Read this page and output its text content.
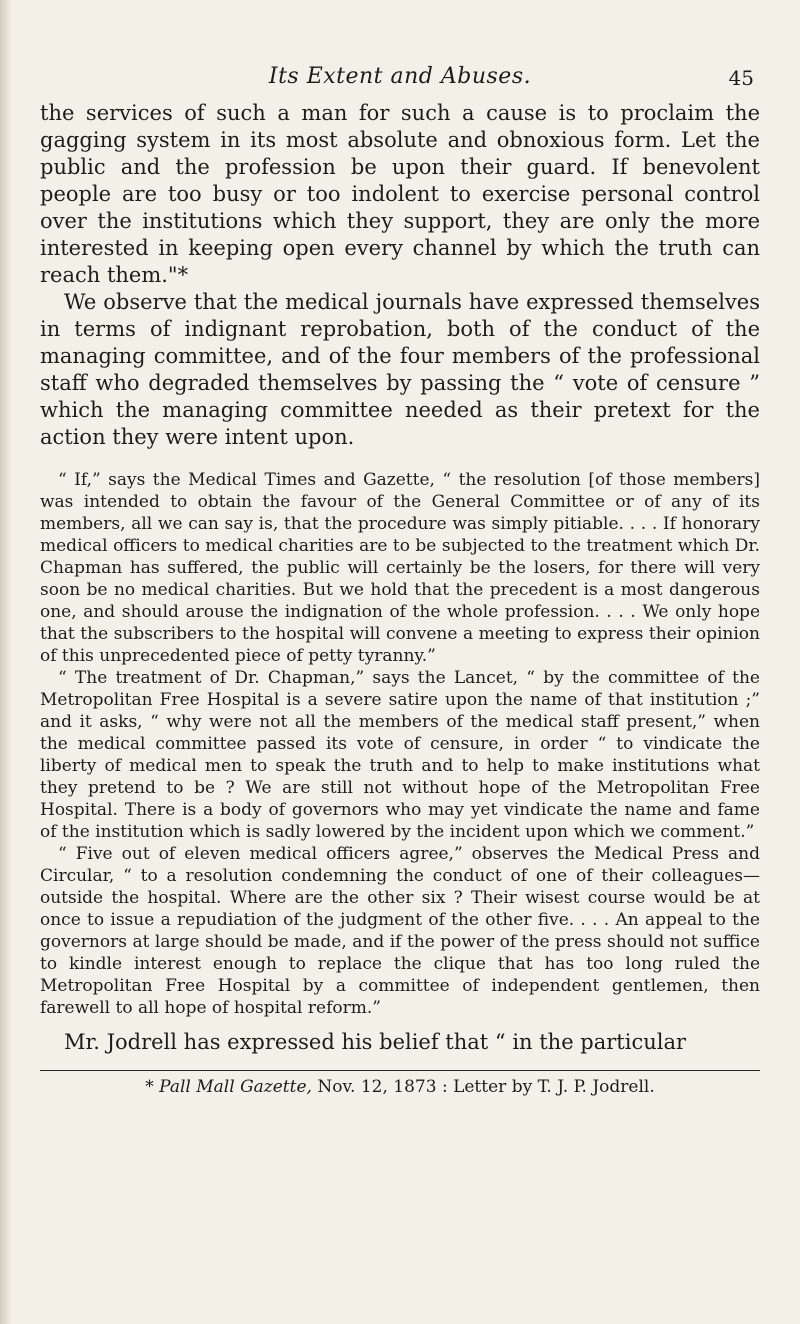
Its Extent and Abuses.	45

the services of such a man for such a cause is to proclaim the gagging system in its most absolute and obnoxious form. Let the public and the profession be upon their guard. If benevolent people are too busy or too indolent to exercise personal control over the institutions which they support, they are only the more interested in keeping open every channel by which the truth can reach them."*

We observe that the medical journals have expressed themselves in terms of indignant reprobation, both of the conduct of the managing committee, and of the four members of the professional staff who degraded themselves by passing the “ vote of censure ” which the managing committee needed as their pretext for the action they were intent upon.

“ If,” says the Medical Times and Gazette, “ the resolution [of those members] was intended to obtain the favour of the General Committee or of any of its members, all we can say is, that the procedure was simply pitiable. . . . If honorary medical officers to medical charities are to be subjected to the treatment which Dr. Chapman has suffered, the public will certainly be the losers, for there will very soon be no medical charities. But we hold that the precedent is a most dangerous one, and should arouse the indignation of the whole profession. . . . We only hope that the subscribers to the hospital will convene a meeting to express their opinion of this unprecedented piece of petty tyranny.”

“ The treatment of Dr. Chapman,” says the Lancet, “ by the committee of the Metropolitan Free Hospital is a severe satire upon the name of that institution ;” and it asks, “ why were not all the members of the medical staff present,” when the medical committee passed its vote of censure, in order “ to vindicate the liberty of medical men to speak the truth and to help to make institutions what they pretend to be ? We are still not without hope of the Metropolitan Free Hospital. There is a body of governors who may yet vindicate the name and fame of the institution which is sadly lowered by the incident upon which we comment.”

“ Five out of eleven medical officers agree,” observes the Medical Press and Circular, “ to a resolution condemning the conduct of one of their colleagues—outside the hospital. Where are the other six ? Their wisest course would be at once to issue a repudiation of the judgment of the other five. . . . An appeal to the governors at large should be made, and if the power of the press should not suffice to kindle interest enough to replace the clique that has too long ruled the Metropolitan Free Hospital by a committee of independent gentlemen, then farewell to all hope of hospital reform.”

Mr. Jodrell has expressed his belief that “ in the particular

* Pall Mall Gazette, Nov. 12, 1873 : Letter by T. J. P. Jodrell.
